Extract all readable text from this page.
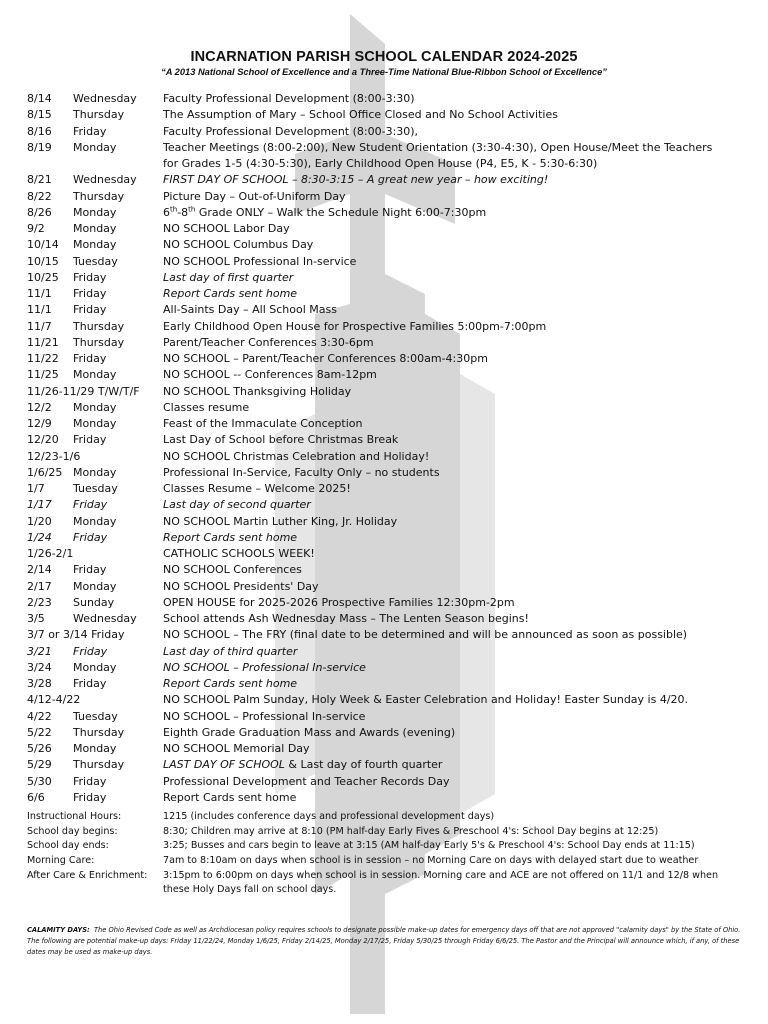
INCARNATION PARISH SCHOOL CALENDAR 2024-2025
“A 2013 National School of Excellence and a Three-Time National Blue-Ribbon School of Excellence”
8/14 Wednesday Faculty Professional Development (8:00-3:30)
8/15 Thursday	The Assumption of Mary – School Office Closed and No School Activities
8/16 Friday	Faculty Professional Development (8:00-3:30),
8/19 Monday	Teacher Meetings (8:00-2:00), New Student Orientation (3:30-4:30), Open House/Meet the Teachers
for Grades 1-5 (4:30-5:30), Early Childhood Open House (P4, E5, K - 5:30-6:30)
8/21 Wednesday FIRST DAY OF SCHOOL – 8:30-3:15 – A great new year – how exciting!
8/22 Thursday	Picture Day – Out-of-Uniform Day
8/26 Monday	6th-8th Grade ONLY – Walk the Schedule Night 6:00-7:30pm
9/2	Monday	NO SCHOOL Labor Day
10/14 Monday	NO SCHOOL Columbus Day
10/15 Tuesday	NO SCHOOL Professional In-service
10/25 Friday	Last day of first quarter
11/1 Friday	Report Cards sent home
11/1 Friday	All-Saints Day – All School Mass
11/7 Thursday	Early Childhood Open House for Prospective Families 5:00pm-7:00pm
11/21 Thursday	Parent/Teacher Conferences 3:30-6pm
11/22 Friday	NO SCHOOL – Parent/Teacher Conferences 8:00am-4:30pm
11/25 Monday	NO SCHOOL -- Conferences 8am-12pm
11/26-11/29 T/W/T/F NO SCHOOL Thanksgiving Holiday
12/2 Monday	Classes resume
12/9 Monday	Feast of the Immaculate Conception
12/20 Friday	Last Day of School before Christmas Break
12/23-1/6	NO SCHOOL Christmas Celebration and Holiday!
1/6/25 Monday	Professional In-Service, Faculty Only – no students
1/7	Tuesday	Classes Resume – Welcome 2025!
1/17 Friday	Last day of second quarter
1/20 Monday	NO SCHOOL Martin Luther King, Jr. Holiday
1/24 Friday	Report Cards sent home
1/26-2/1	CATHOLIC SCHOOLS WEEK!
2/14 Friday	NO SCHOOL Conferences
2/17 Monday	NO SCHOOL Presidents' Day
2/23 Sunday	OPEN HOUSE for 2025-2026 Prospective Families 12:30pm-2pm
3/5	Wednesday School attends Ash Wednesday Mass – The Lenten Season begins!
3/7 or 3/14 Friday	NO SCHOOL – The FRY (final date to be determined and will be announced as soon as possible)
3/21 Friday	Last day of third quarter
3/24 Monday	NO SCHOOL – Professional In-service
3/28 Friday	Report Cards sent home
4/12-4/22	NO SCHOOL Palm Sunday, Holy Week & Easter Celebration and Holiday! Easter Sunday is 4/20.
4/22 Tuesday	NO SCHOOL – Professional In-service
5/22 Thursday	Eighth Grade Graduation Mass and Awards (evening)
5/26 Monday	NO SCHOOL Memorial Day
5/29 Thursday	LAST DAY OF SCHOOL & Last day of fourth quarter
5/30 Friday	Professional Development and Teacher Records Day
6/6	Friday	Report Cards sent home
Instructional Hours:	1215 (includes conference days and professional development days)
School day begins:	8:30; Children may arrive at 8:10 (PM half-day Early Fives & Preschool 4's: School Day begins at 12:25)
School day ends:	3:25; Busses and cars begin to leave at 3:15 (AM half-day Early 5's & Preschool 4's: School Day ends at 11:15)
Morning Care:	7am to 8:10am on days when school is in session – no Morning Care on days with delayed start due to weather
After Care & Enrichment: 3:15pm to 6:00pm on days when school is in session. Morning care and ACE are not offered on 11/1 and 12/8 when these Holy Days fall on school days.
CALAMITY DAYS: The Ohio Revised Code as well as Archdiocesan policy requires schools to designate possible make-up dates for emergency days off that are not approved "calamity days" by the State of Ohio. The following are potential make-up days: Friday 11/22/24, Monday 1/6/25, Friday 2/14/25, Monday 2/17/25, Friday 5/30/25 through Friday 6/6/25. The Pastor and the Principal will announce which, if any, of these dates may be used as make-up days.
